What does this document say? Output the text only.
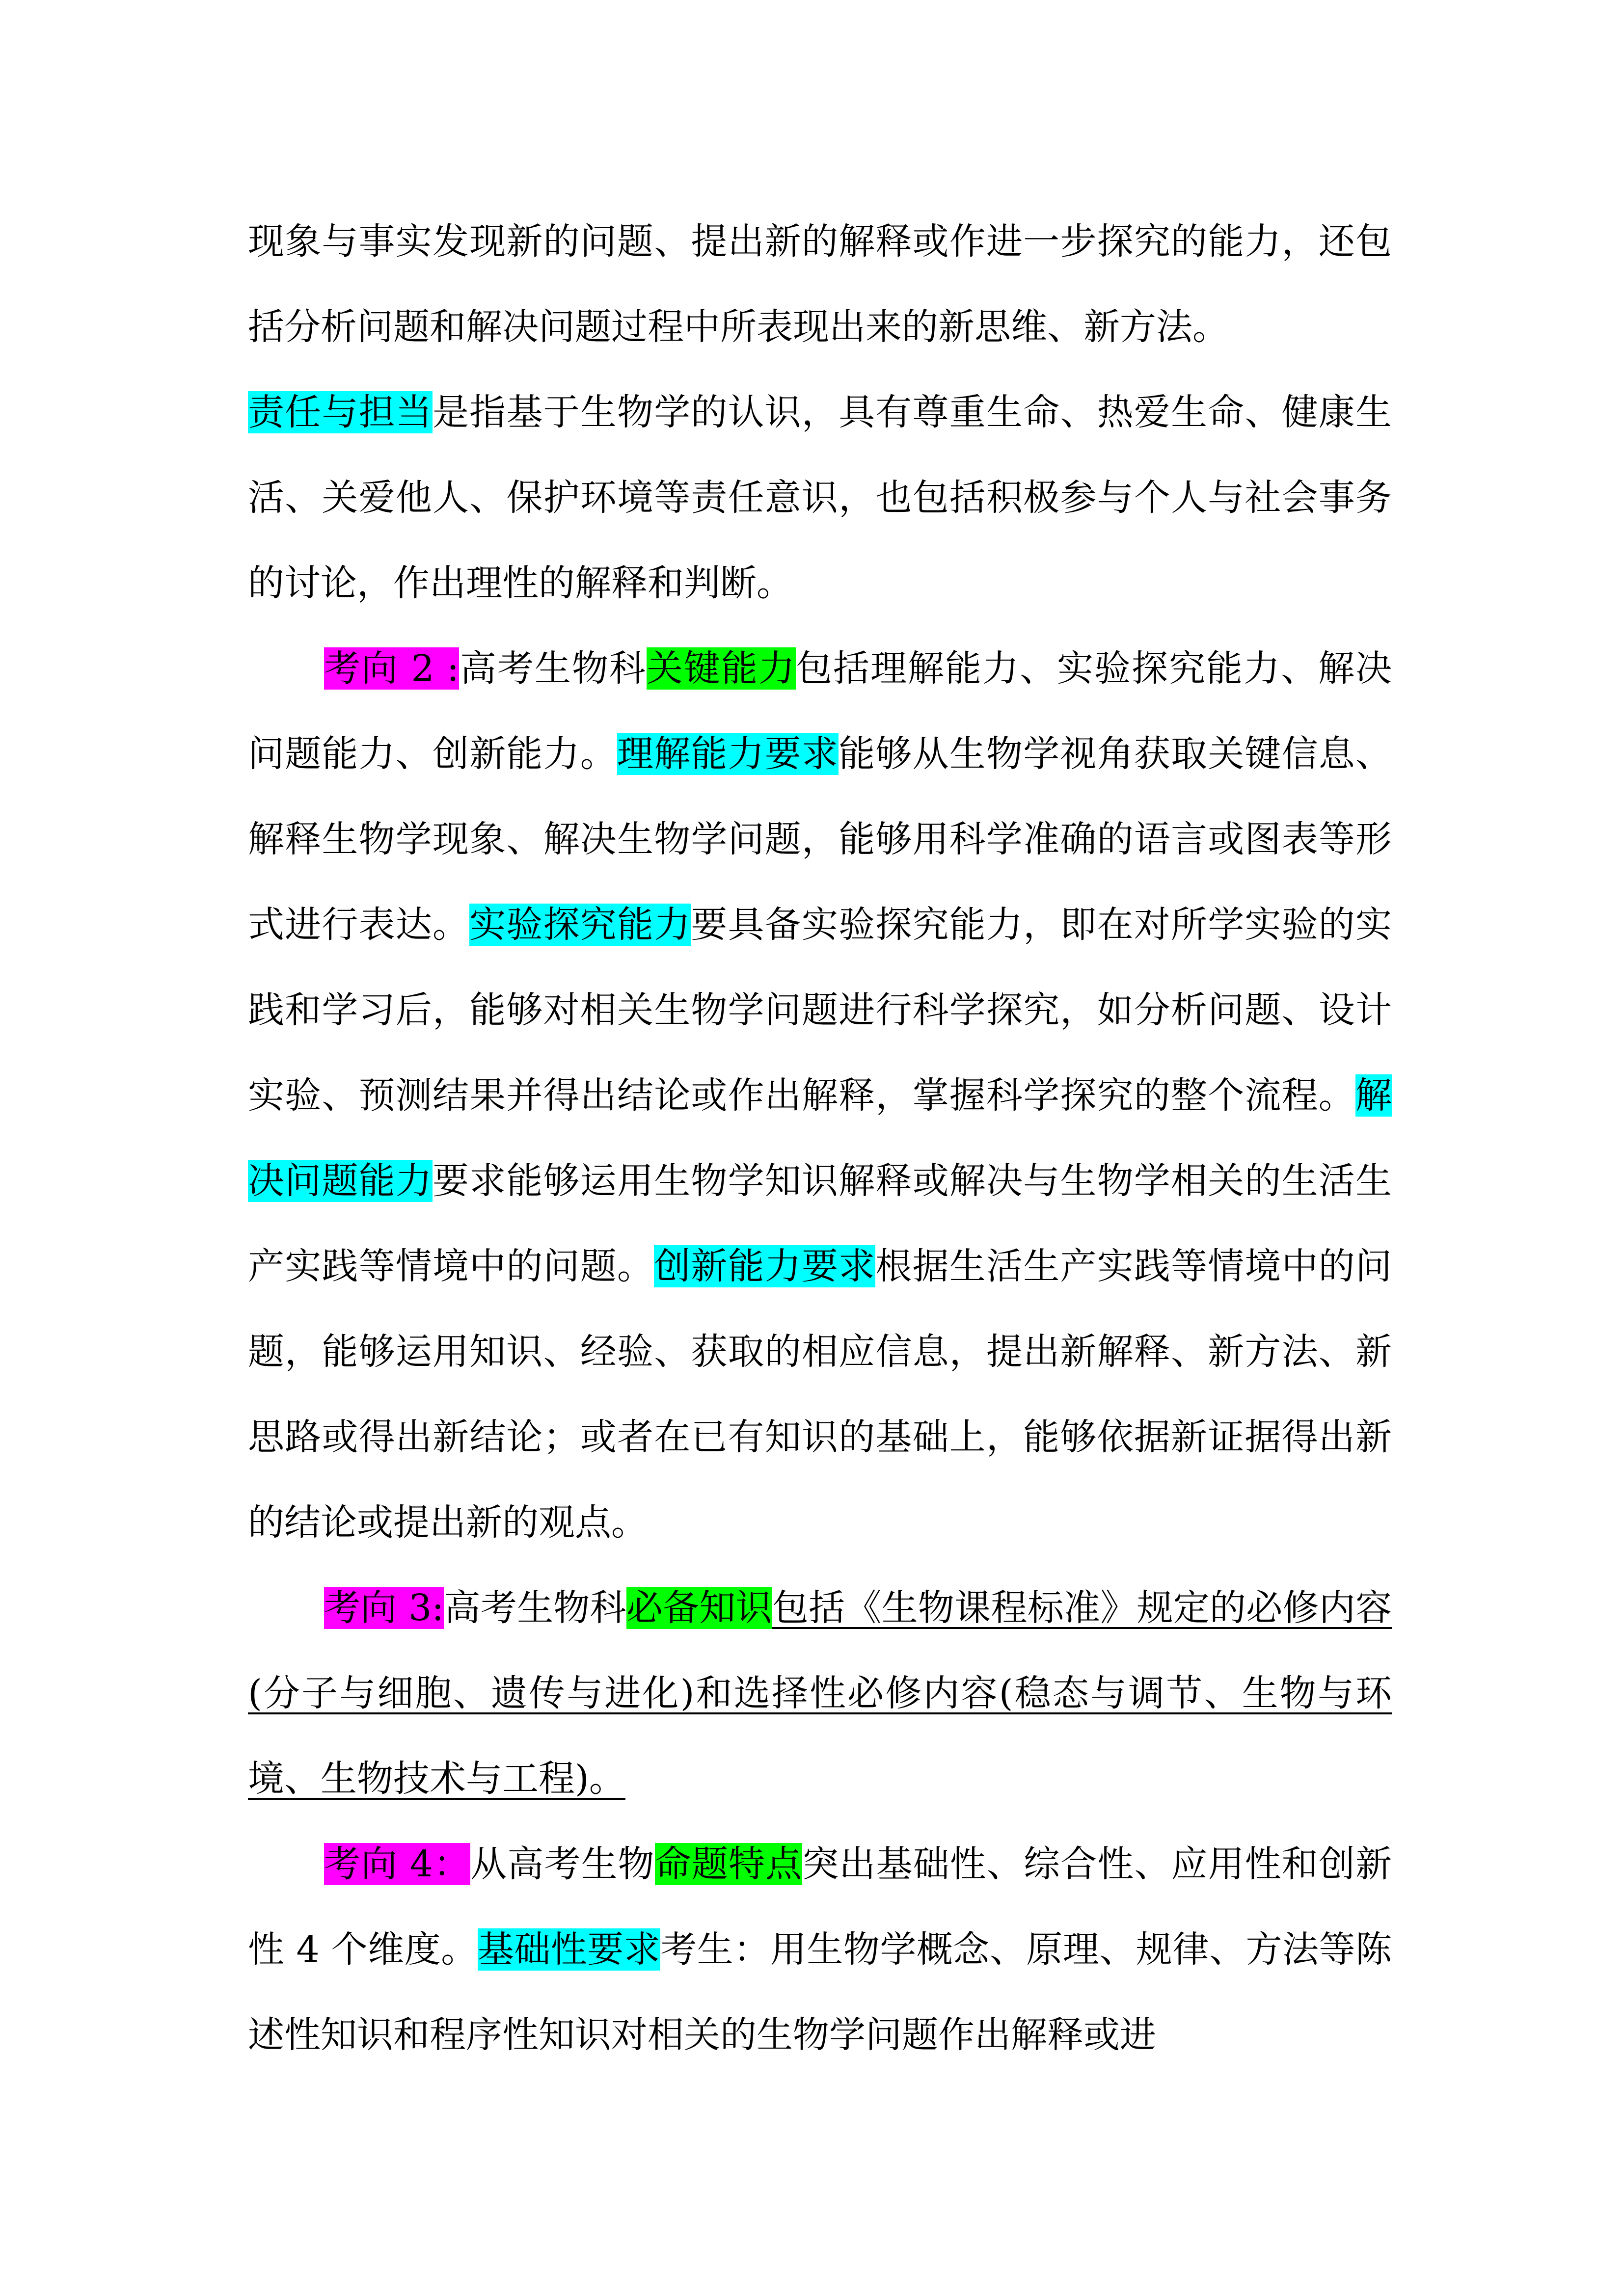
现象与事实发现新的问题、提出新的解释或作进一步探究的能力，还包括分析问题和解决问题过程中所表现出来的新思维、新方法。

责任与担当是指基于生物学的认识，具有尊重生命、热爱生命、健康生活、关爱他人、保护环境等责任意识，也包括积极参与个人与社会事务的讨论，作出理性的解释和判断。

考向 2 :高考生物科关键能力包括理解能力、实验探究能力、解决问题能力、创新能力。理解能力要求能够从生物学视角获取关键信息、解释生物学现象、解决生物学问题，能够用科学准确的语言或图表等形式进行表达。实验探究能力要具备实验探究能力，即在对所学实验的实践和学习后，能够对相关生物学问题进行科学探究，如分析问题、设计实验、预测结果并得出结论或作出解释，掌握科学探究的整个流程。解决问题能力要求能够运用生物学知识解释或解决与生物学相关的生活生产实践等情境中的问题。创新能力要求根据生活生产实践等情境中的问题，能够运用知识、经验、获取的相应信息，提出新解释、新方法、新思路或得出新结论；或者在已有知识的基础上，能够依据新证据得出新的结论或提出新的观点。

考向 3:高考生物科必备知识包括《生物课程标准》规定的必修内容(分子与细胞、遗传与进化)和选择性必修内容(稳态与调节、生物与环境、生物技术与工程)。

考向 4：从高考生物命题特点突出基础性、综合性、应用性和创新性 4 个维度。基础性要求考生：用生物学概念、原理、规律、方法等陈述性知识和程序性知识对相关的生物学问题作出解释或进
